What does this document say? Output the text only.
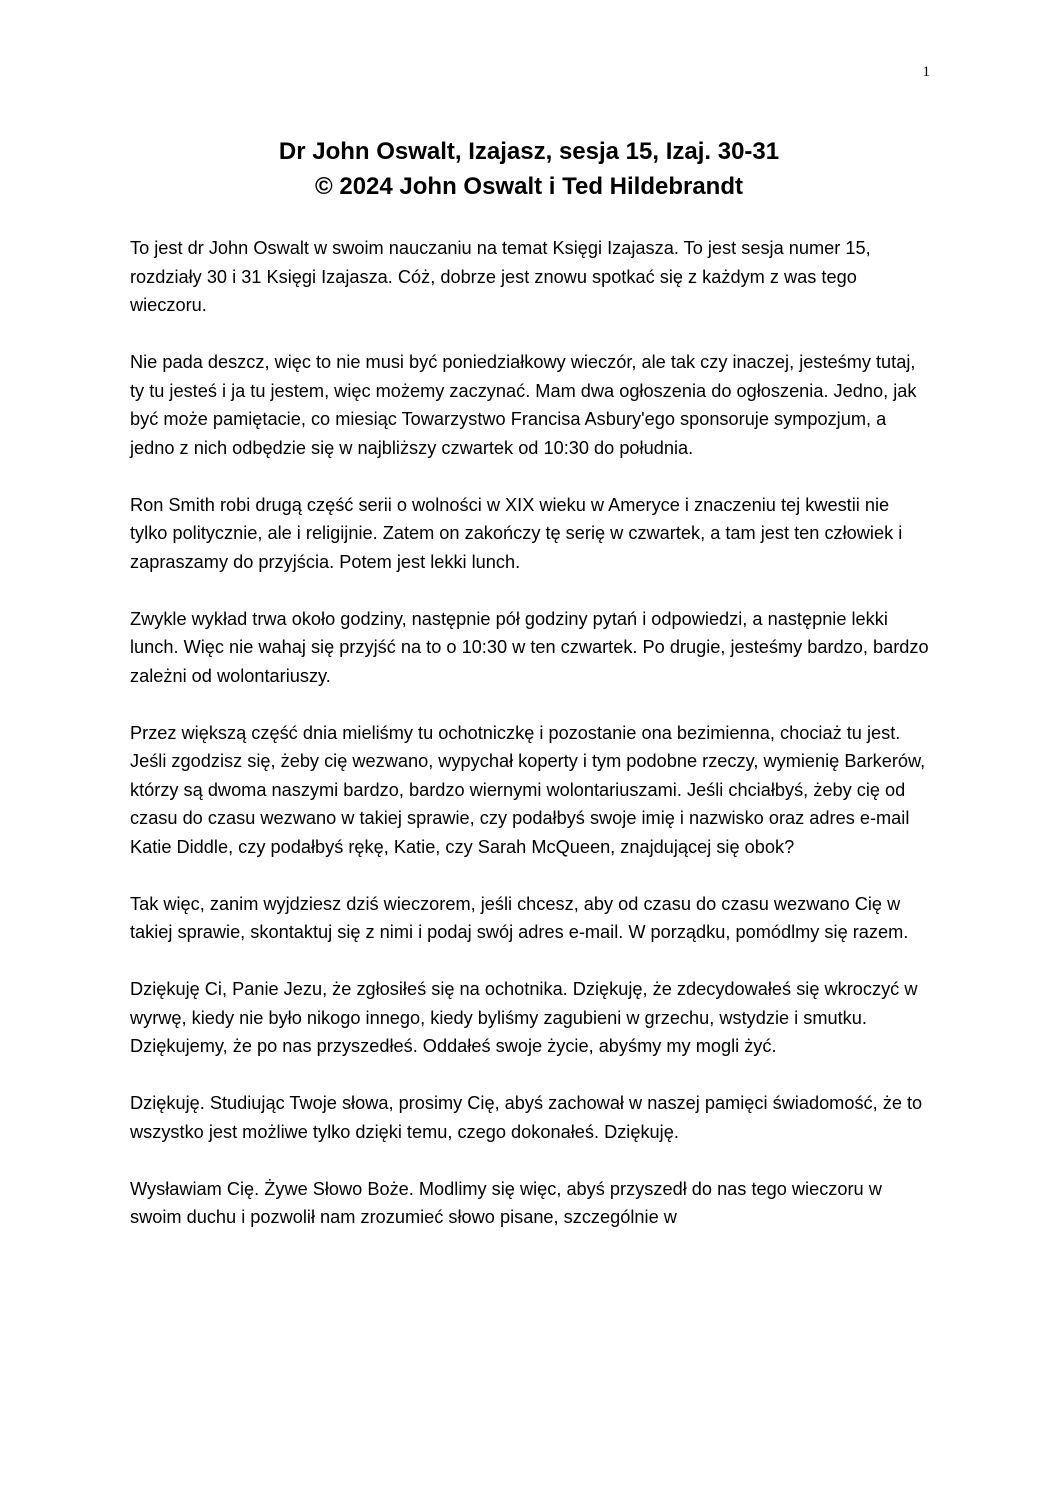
1
Dr John Oswalt, Izajasz, sesja 15, Izaj. 30-31
© 2024 John Oswalt i Ted Hildebrandt

To jest dr John Oswalt w swoim nauczaniu na temat Księgi Izajasza. To jest sesja numer 15, rozdziały 30 i 31 Księgi Izajasza. Cóż, dobrze jest znowu spotkać się z każdym z was tego wieczoru.

Nie pada deszcz, więc to nie musi być poniedziałkowy wieczór, ale tak czy inaczej, jesteśmy tutaj, ty tu jesteś i ja tu jestem, więc możemy zaczynać. Mam dwa ogłoszenia do ogłoszenia. Jedno, jak być może pamiętacie, co miesiąc Towarzystwo Francisa Asbury'ego sponsoruje sympozjum, a jedno z nich odbędzie się w najbliższy czwartek od 10:30 do południa.

Ron Smith robi drugą część serii o wolności w XIX wieku w Ameryce i znaczeniu tej kwestii nie tylko politycznie, ale i religijnie. Zatem on zakończy tę serię w czwartek, a tam jest ten człowiek i zapraszamy do przyjścia. Potem jest lekki lunch.

Zwykle wykład trwa około godziny, następnie pół godziny pytań i odpowiedzi, a następnie lekki lunch. Więc nie wahaj się przyjść na to o 10:30 w ten czwartek. Po drugie, jesteśmy bardzo, bardzo zależni od wolontariuszy.

Przez większą część dnia mieliśmy tu ochotniczkę i pozostanie ona bezimienna, chociaż tu jest. Jeśli zgodzisz się, żeby cię wezwano, wypychał koperty i tym podobne rzeczy, wymienię Barkerów, którzy są dwoma naszymi bardzo, bardzo wiernymi wolontariuszami. Jeśli chciałbyś, żeby cię od czasu do czasu wezwano w takiej sprawie, czy podałbyś swoje imię i nazwisko oraz adres e-mail Katie Diddle, czy podałbyś rękę, Katie, czy Sarah McQueen, znajdującej się obok?

Tak więc, zanim wyjdziesz dziś wieczorem, jeśli chcesz, aby od czasu do czasu wezwano Cię w takiej sprawie, skontaktuj się z nimi i podaj swój adres e-mail. W porządku, pomódlmy się razem.

Dziękuję Ci, Panie Jezu, że zgłosiłeś się na ochotnika. Dziękuję, że zdecydowałeś się wkroczyć w wyrwę, kiedy nie było nikogo innego, kiedy byliśmy zagubieni w grzechu, wstydzie i smutku. Dziękujemy, że po nas przyszedłeś. Oddałeś swoje życie, abyśmy my mogli żyć.

Dziękuję. Studiując Twoje słowa, prosimy Cię, abyś zachował w naszej pamięci świadomość, że to wszystko jest możliwe tylko dzięki temu, czego dokonałeś. Dziękuję.

Wysławiam Cię. Żywe Słowo Boże. Modlimy się więc, abyś przyszedł do nas tego wieczoru w swoim duchu i pozwolił nam zrozumieć słowo pisane, szczególnie w
